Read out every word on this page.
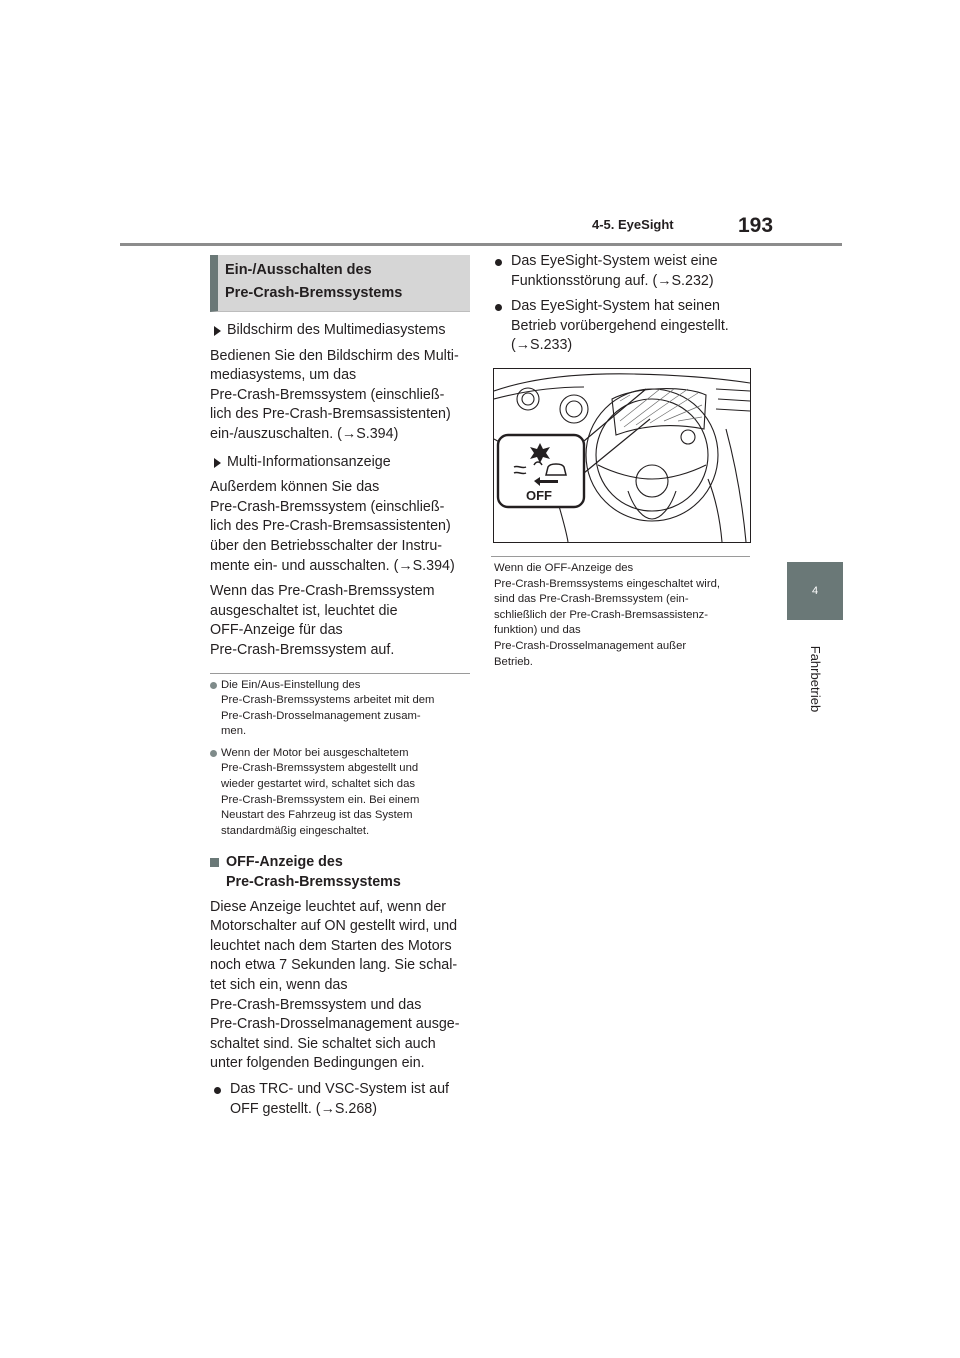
4-5. EyeSight	193
4
Fahrbetrieb
Ein-/Ausschalten des
Pre-Crash-Bremssystems
Bildschirm des Multimediasystems

Bedienen Sie den Bildschirm des Multi-

mediasystems, um das

Pre-Crash-Bremssystem (einschließ-

lich des Pre-Crash-Bremsassistenten)

ein-/auszuschalten. (→S.394)

Multi-Informationsanzeige

Außerdem können Sie das

Pre-Crash-Bremssystem (einschließ-

lich des Pre-Crash-Bremsassistenten)

über den Betriebsschalter der Instru-

mente ein- und ausschalten. (→S.394)

Wenn das Pre-Crash-Bremssystem

ausgeschaltet ist, leuchtet die

OFF-Anzeige für das

Pre-Crash-Bremssystem auf.

Die Ein/Aus-Einstellung des
Pre-Crash-Bremssystems arbeitet mit dem
Pre-Crash-Drosselmanagement zusam-
men.
Wenn der Motor bei ausgeschaltetem
Pre-Crash-Bremssystem abgestellt und
wieder gestartet wird, schaltet sich das
Pre-Crash-Bremssystem ein. Bei einem
Neustart des Fahrzeug ist das System
standardmäßig eingeschaltet.
OFF-Anzeige des
Pre-Crash-Bremssystems

Diese Anzeige leuchtet auf, wenn der

Motorschalter auf ON gestellt wird, und

leuchtet nach dem Starten des Motors

noch etwa 7 Sekunden lang. Sie schal-

tet sich ein, wenn das

Pre-Crash-Bremssystem und das

Pre-Crash-Drosselmanagement ausge-

schaltet sind. Sie schaltet sich auch

unter folgenden Bedingungen ein.

Das TRC- und VSC-System ist auf
OFF gestellt. (→S.268)
Das EyeSight-System weist eine
Funktionsstörung auf. (→S.232)
Das EyeSight-System hat seinen
Betrieb vorübergehend eingestellt.
(→S.233)
OFF
Wenn die OFF-Anzeige des
Pre-Crash-Bremssystems eingeschaltet wird,
sind das Pre-Crash-Bremssystem (ein-
schließlich der Pre-Crash-Bremsassistenz-
funktion) und das
Pre-Crash-Drosselmanagement außer
Betrieb.
